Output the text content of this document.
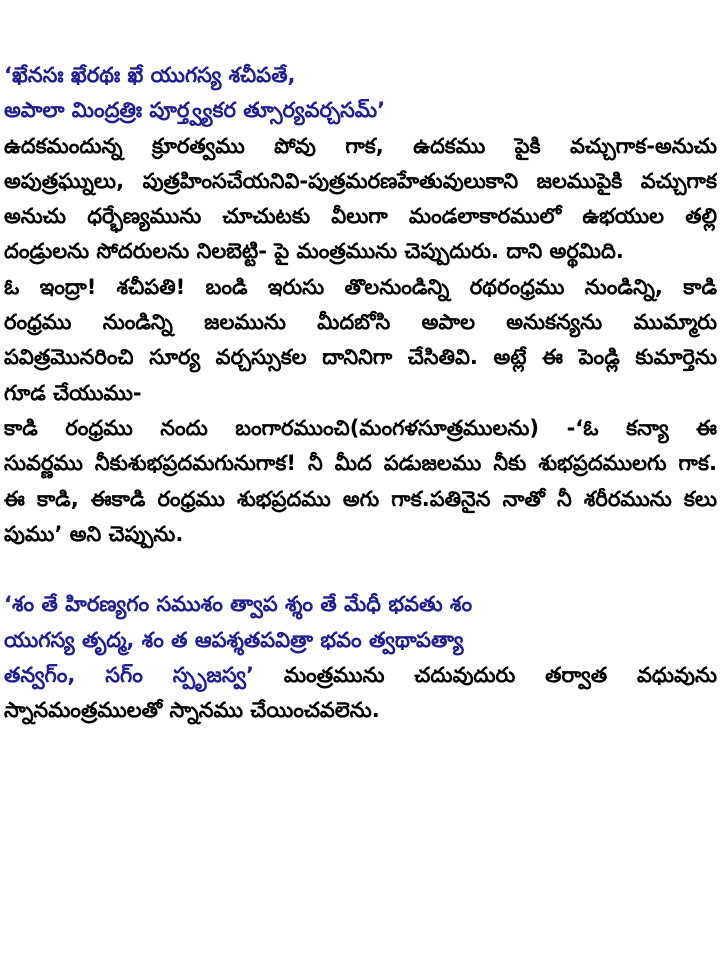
‘ఖేనసః ఖేరథః ఖే యుగస్య శచీపతే,
అపాలా మింద్రత్రిః పూర్త్వ్యకర త్సూర్యవర్చసమ్’
ఉదకమందున్న క్రూరత్వము పోవు గాక, ఉదకము పైకి వచ్చుగాక-అనుచు
అపుత్రఘ్నులు, పుత్రహింసచేయనివి-పుత్రమరణహేతువులుకాని జలముపైకి వచ్చుగాక
అనుచు ధర్భేణ్యమును చూచుటకు వీలుగా మండలాకారములో ఉభయుల తల్లి
దండ్రులను సోదరులను నిలబెట్టి- పై మంత్రమును చెప్పుదురు. దాని అర్థమిది.
ఓ ఇంద్రా! శచీపతి! బండి ఇరుసు తొలనుండిన్ని రథరంధ్రము నుండిన్ని, కాడి
రంధ్రము నుండిన్ని జలమును మీదబోసి అపాల అనుకన్యను ముమ్మారు
పవిత్రమొనరించి సూర్య వర్చస్సుకల దానినిగా చేసితివి. అట్లే ఈ పెండ్లి కుమార్తెను
గూడ చేయుము-
కాడి రంధ్రము నందు బంగారముంచి(మంగళసూత్రములను) -‘ఓ కన్యా ఈ
సువర్ణము నీకుశుభప్రదమగునుగాక! నీ మీద పడుజలము నీకు శుభప్రదములగు గాక.
ఈ కాడి, ఈకాడి రంధ్రము శుభప్రదము అగు గాక.పతినైన నాతో నీ శరీరమును కలు
పుము’ అని చెప్పును.
‘శం తే హిరణ్యగం సముశం త్వాప శ్శం తే మేధీ భవతు శం
యుగస్య తృద్మ, శం త ఆపశ్శతపవిత్రా భవం త్వథాపత్యా
తన్వగ్ం, సగ్ం స్పృజస్వ’ మంత్రమును చదువుదురు తర్వాత వధువును
స్నానమంత్రములతో స్నానము చేయించవలెను.
